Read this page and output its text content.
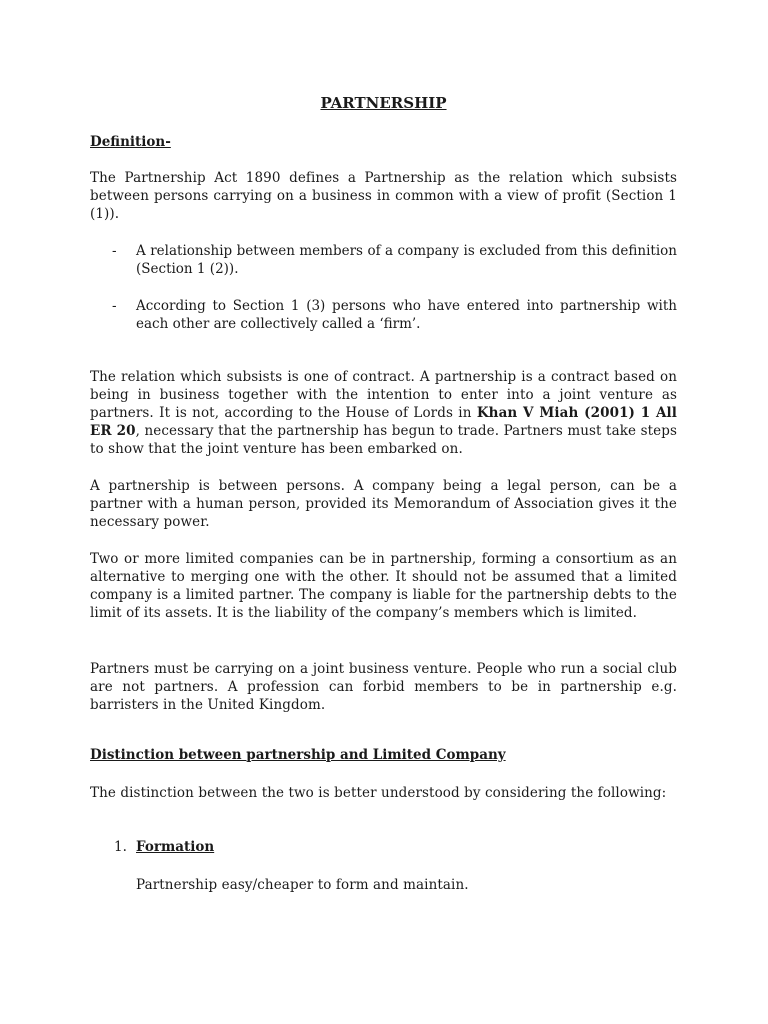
PARTNERSHIP
Definition-

The Partnership Act 1890 defines a Partnership as the relation which subsists between persons carrying on a business in common with a view of profit (Section 1 (1)).

- A relationship between members of a company is excluded from this definition (Section 1 (2)).
- According to Section 1 (3) persons who have entered into partnership with each other are collectively called a ‘firm’.

The relation which subsists is one of contract. A partnership is a contract based on being in business together with the intention to enter into a joint venture as partners. It is not, according to the House of Lords in Khan V Miah (2001) 1 All ER 20, necessary that the partnership has begun to trade. Partners must take steps to show that the joint venture has been embarked on.

A partnership is between persons. A company being a legal person, can be a partner with a human person, provided its Memorandum of Association gives it the necessary power.

Two or more limited companies can be in partnership, forming a consortium as an alternative to merging one with the other. It should not be assumed that a limited company is a limited partner. The company is liable for the partnership debts to the limit of its assets. It is the liability of the company’s members which is limited.

Partners must be carrying on a joint business venture. People who run a social club are not partners. A profession can forbid members to be in partnership e.g. barristers in the United Kingdom.

Distinction between partnership and Limited Company

The distinction between the two is better understood by considering the following:

1. Formation

Partnership easy/cheaper to form and maintain.
